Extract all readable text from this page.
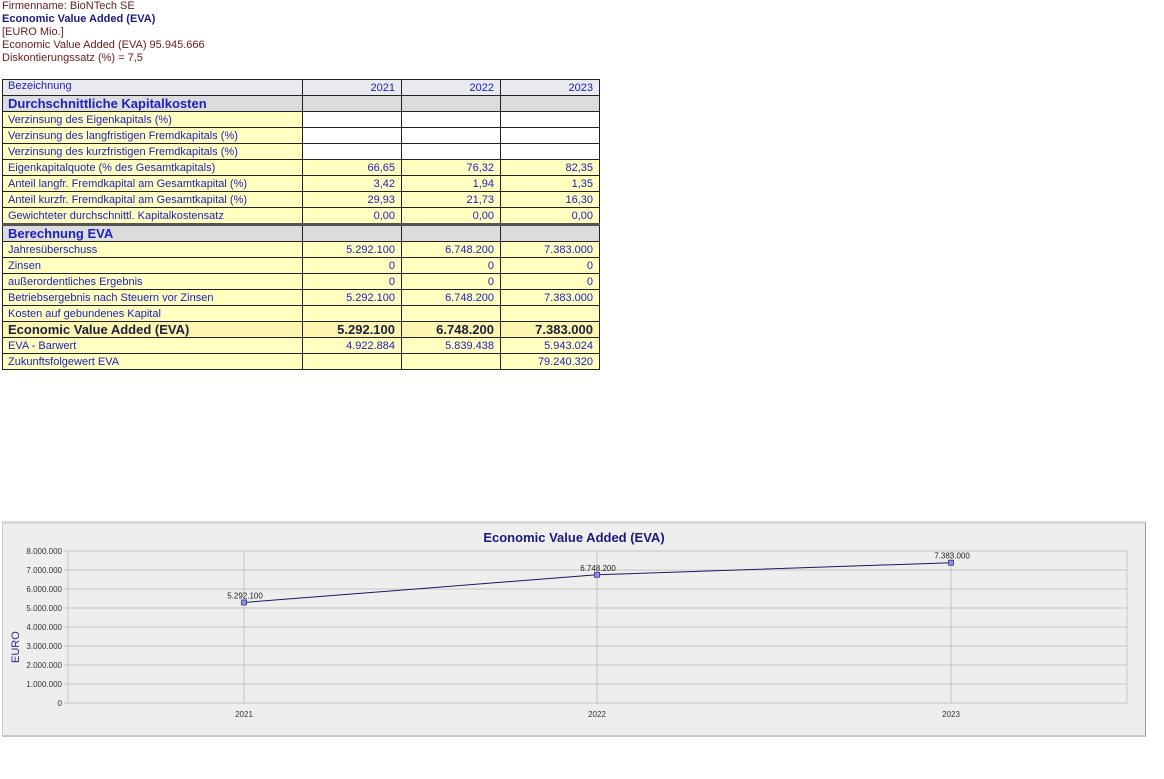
Firmenname: BioNTech SE
Economic Value Added (EVA)
[EURO Mio.]
Economic Value Added (EVA) 95.945.666
Diskontierungssatz (%) = 7,5
Bezeichnung	2021	2022	2023
Durchschnittliche Kapitalkosten			
Verzinsung des Eigenkapitals (%)			
Verzinsung des langfristigen Fremdkapitals (%)			
Verzinsung des kurzfristigen Fremdkapitals (%)			
Eigenkapitalquote (% des Gesamtkapitals)	66,65	76,32	82,35
Anteil langfr. Fremdkapital am Gesamtkapital (%)	3,42	1,94	1,35
Anteil kurzfr. Fremdkapital am Gesamtkapital (%)	29,93	21,73	16,30
Gewichteter durchschnittl. Kapitalkostensatz	0,00	0,00	0,00
Berechnung EVA			
Jahresüberschuss	5.292.100	6.748.200	7.383.000
Zinsen	0	0	0
außerordentliches Ergebnis	0	0	0
Betriebsergebnis nach Steuern vor Zinsen	5.292.100	6.748.200	7.383.000
Kosten auf gebundenes Kapital			
Economic Value Added (EVA)	5.292.100	6.748.200	7.383.000
EVA - Barwert	4.922.884	5.839.438	5.943.024
Zukunftsfolgewert EVA			79.240.320
Economic Value Added (EVA)
EURO
0
1.000.000
2.000.000
3.000.000
4.000.000
5.000.000
6.000.000
7.000.000
8.000.000
2021	2022	2023
5.292.100
6.748.200
7.383.000
